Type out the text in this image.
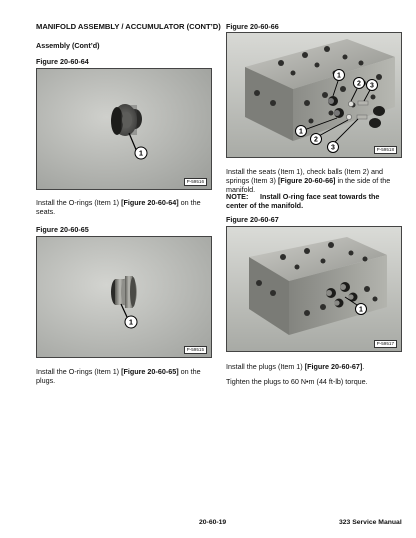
MANIFOLD ASSEMBLY / ACCUMULATOR (CONT’D)
Assembly (Cont’d)
Figure 20-60-64
1
P-59516
Install the O-rings (Item 1) [Figure 20-60-64] on the seats.
Figure 20-60-65
1
P-59515
Install the O-rings (Item 1) [Figure 20-60-65] on the plugs.
Figure 20-60-66
1
2 3
1
2
3	P-59518
Install the seats (Item 1), check balls (Item 2) and springs (Item 3) [Figure 20-60-66] in the side of the manifold.
NOTE: Install O-ring face seat towards the center of the manifold.
Figure 20-60-67
1
P-59517
Install the plugs (Item 1) [Figure 20-60-67].
Tighten the plugs to 60 N•m (44 ft-lb) torque.
20-60-19	323 Service Manual
